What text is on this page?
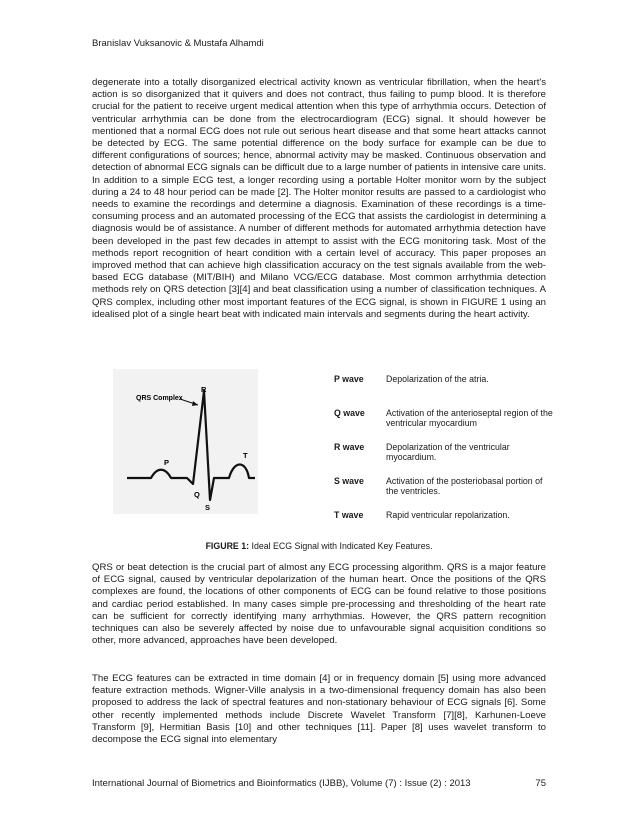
Branislav Vuksanovic & Mustafa Alhamdi

degenerate into a totally disorganized electrical activity known as ventricular fibrillation, when the heart's action is so disorganized that it quivers and does not contract, thus failing to pump blood. It is therefore crucial for the patient to receive urgent medical attention when this type of arrhythmia occurs. Detection of ventricular arrhythmia can be done from the electrocardiogram (ECG) signal. It should however be mentioned that a normal ECG does not rule out serious heart disease and that some heart attacks cannot be detected by ECG. The same potential difference on the body surface for example can be due to different configurations of sources; hence, abnormal activity may be masked. Continuous observation and detection of abnormal ECG signals can be difficult due to a large number of patients in intensive care units. In addition to a simple ECG test, a longer recording using a portable Holter monitor worn by the subject during a 24 to 48 hour period can be made [2]. The Holter monitor results are passed to a cardiologist who needs to examine the recordings and determine a diagnosis. Examination of these recordings is a time-consuming process and an automated processing of the ECG that assists the cardiologist in determining a diagnosis would be of assistance. A number of different methods for automated arrhythmia detection have been developed in the past few decades in attempt to assist with the ECG monitoring task. Most of the methods report recognition of heart condition with a certain level of accuracy. This paper proposes an improved method that can achieve high classification accuracy on the test signals available from the web-based ECG database (MIT/BIH) and Milano VCG/ECG database. Most common arrhythmia detection methods rely on QRS detection [3][4] and beat classification using a number of classification techniques. A QRS complex, including other most important features of the ECG signal, is shown in FIGURE 1 using an idealised plot of a single heart beat with indicated main intervals and segments during the heart activity.

QRS Complex
R
P
T
Q
S
P wave	Depolarization of the atria.
Q wave	Activation of the anterioseptal region of the ventricular myocardium
R wave	Depolarization of the ventricular myocardium.
S wave	Activation of the posteriobasal portion of the ventricles.
T wave	Rapid ventricular repolarization.
FIGURE 1: Ideal ECG Signal with Indicated Key Features.

QRS or beat detection is the crucial part of almost any ECG processing algorithm. QRS is a major feature of ECG signal, caused by ventricular depolarization of the human heart. Once the positions of the QRS complexes are found, the locations of other components of ECG can be found relative to those positions and cardiac period established. In many cases simple pre-processing and thresholding of the heart rate can be sufficient for correctly identifying many arrhythmias. However, the QRS pattern recognition techniques can also be severely affected by noise due to unfavourable signal acquisition conditions so other, more advanced, approaches have been developed.

The ECG features can be extracted in time domain [4] or in frequency domain [5] using more advanced feature extraction methods. Wigner-Ville analysis in a two-dimensional frequency domain has also been proposed to address the lack of spectral features and non-stationary behaviour of ECG signals [6]. Some other recently implemented methods include Discrete Wavelet Transform [7][8], Karhunen-Loeve Transform [9], Hermitian Basis [10] and other techniques [11]. Paper [8] uses wavelet transform to decompose the ECG signal into elementary

International Journal of Biometrics and Bioinformatics (IJBB), Volume (7) : Issue (2) : 2013	75
